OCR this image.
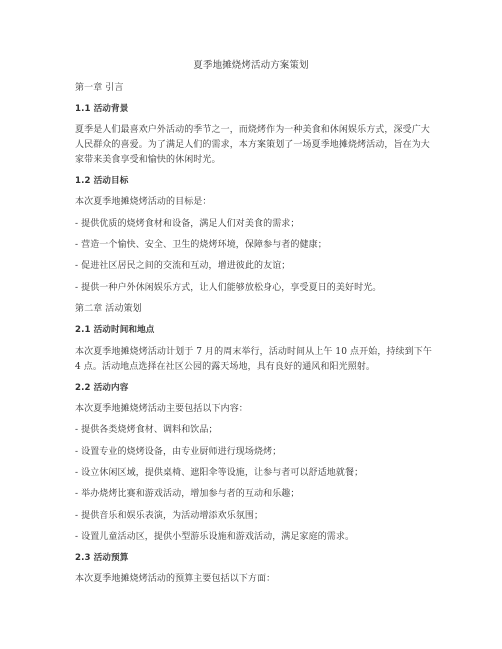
夏季地摊烧烤活动方案策划
第一章 引言
1.1 活动背景
夏季是人们最喜欢户外活动的季节之一，而烧烤作为一种美食和休闲娱乐方式，深受广大
人民群众的喜爱。为了满足人们的需求，本方案策划了一场夏季地摊烧烤活动，旨在为大
家带来美食享受和愉快的休闲时光。
1.2 活动目标
本次夏季地摊烧烤活动的目标是：
- 提供优质的烧烤食材和设备，满足人们对美食的需求；
- 营造一个愉快、安全、卫生的烧烤环境，保障参与者的健康；
- 促进社区居民之间的交流和互动，增进彼此的友谊；
- 提供一种户外休闲娱乐方式，让人们能够放松身心，享受夏日的美好时光。
第二章 活动策划
2.1 活动时间和地点
本次夏季地摊烧烤活动计划于 7 月的周末举行，活动时间从上午 10 点开始，持续到下午
4 点。活动地点选择在社区公园的露天场地，具有良好的通风和阳光照射。
2.2 活动内容
本次夏季地摊烧烤活动主要包括以下内容：
- 提供各类烧烤食材、调料和饮品；
- 设置专业的烧烤设备，由专业厨师进行现场烧烤；
- 设立休闲区域，提供桌椅、遮阳伞等设施，让参与者可以舒适地就餐；
- 举办烧烤比赛和游戏活动，增加参与者的互动和乐趣；
- 提供音乐和娱乐表演，为活动增添欢乐氛围；
- 设置儿童活动区，提供小型游乐设施和游戏活动，满足家庭的需求。
2.3 活动预算
本次夏季地摊烧烤活动的预算主要包括以下方面：
